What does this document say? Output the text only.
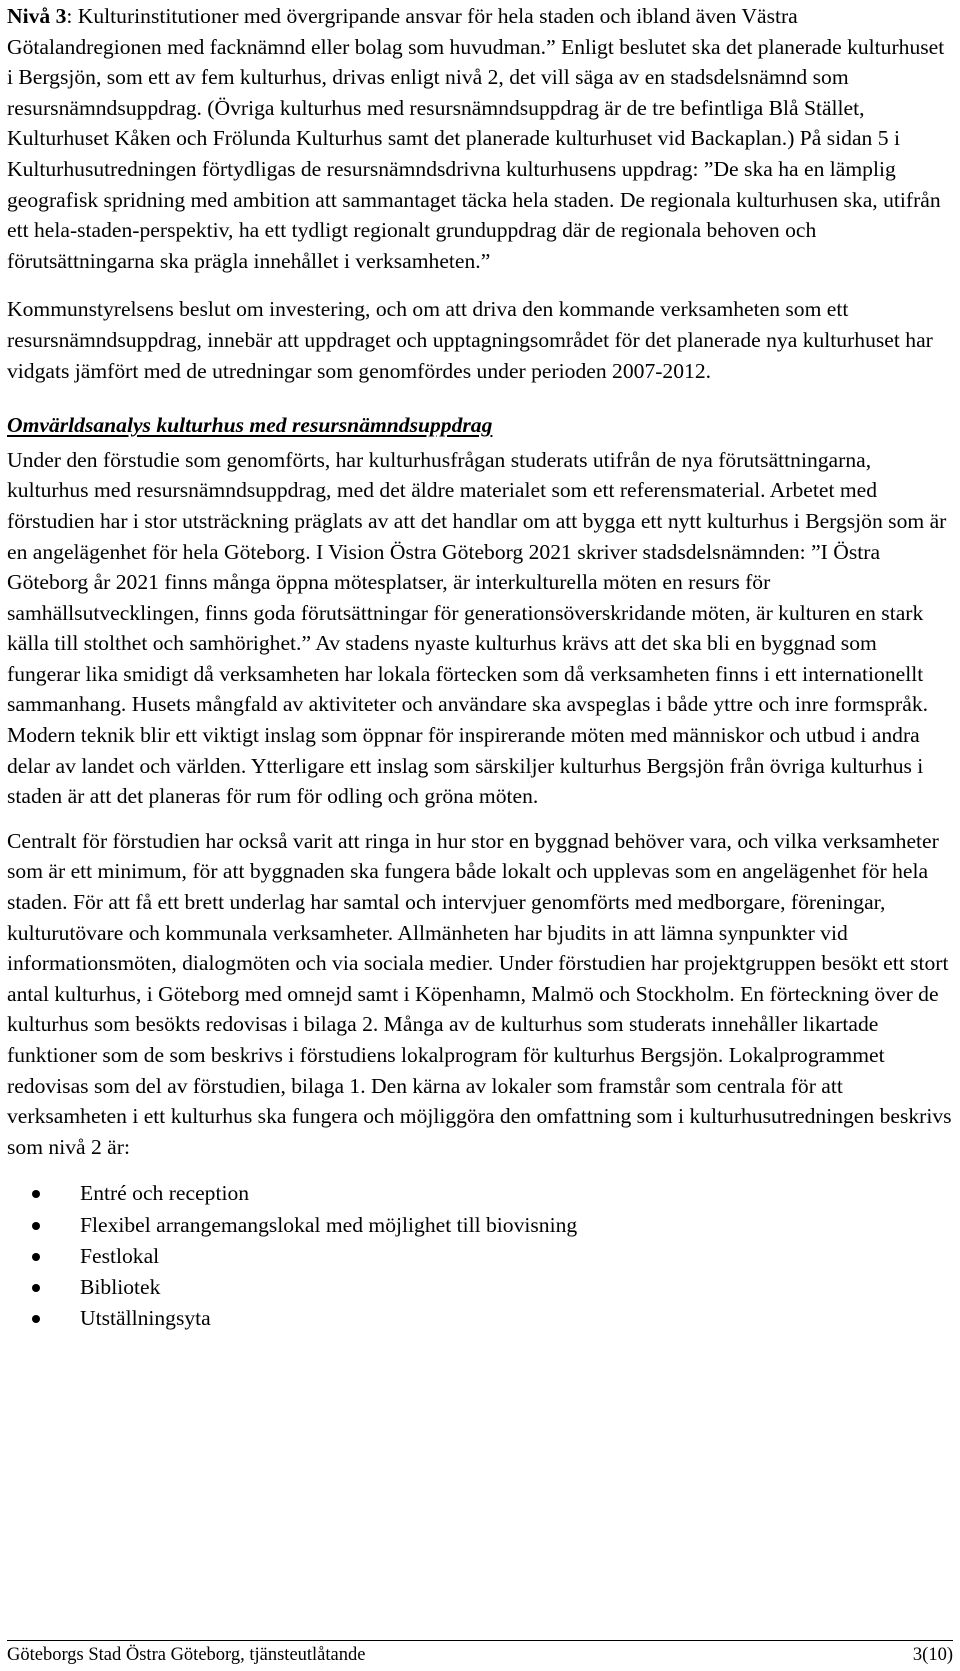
Nivå 3: Kulturinstitutioner med övergripande ansvar för hela staden och ibland även Västra Götalandregionen med facknämnd eller bolag som huvudman.” Enligt beslutet ska det planerade kulturhuset i Bergsjön, som ett av fem kulturhus, drivas enligt nivå 2, det vill säga av en stadsdelsnämnd som resursnämndsuppdrag. (Övriga kulturhus med resursnämndsuppdrag är de tre befintliga Blå Stället, Kulturhuset Kåken och Frölunda Kulturhus samt det planerade kulturhuset vid Backaplan.) På sidan 5 i Kulturhusutredningen förtydligas de resursnämndsdrivna kulturhusens uppdrag: ”De ska ha en lämplig geografisk spridning med ambition att sammantaget täcka hela staden. De regionala kulturhusen ska, utifrån ett hela-staden-perspektiv, ha ett tydligt regionalt grunduppdrag där de regionala behoven och förutsättningarna ska prägla innehållet i verksamheten.”

Kommunstyrelsens beslut om investering, och om att driva den kommande verksamheten som ett resursnämndsuppdrag, innebär att uppdraget och upptagningsområdet för det planerade nya kulturhuset har vidgats jämfört med de utredningar som genomfördes under perioden 2007-2012.

Omvärldsanalys kulturhus med resursnämndsuppdrag

Under den förstudie som genomförts, har kulturhusfrågan studerats utifrån de nya förutsättningarna, kulturhus med resursnämndsuppdrag, med det äldre materialet som ett referensmaterial. Arbetet med förstudien har i stor utsträckning präglats av att det handlar om att bygga ett nytt kulturhus i Bergsjön som är en angelägenhet för hela Göteborg. I Vision Östra Göteborg 2021 skriver stadsdelsnämnden: ”I Östra Göteborg år 2021 finns många öppna mötesplatser, är interkulturella möten en resurs för samhällsutvecklingen, finns goda förutsättningar för generationsöverskridande möten, är kulturen en stark källa till stolthet och samhörighet.” Av stadens nyaste kulturhus krävs att det ska bli en byggnad som fungerar lika smidigt då verksamheten har lokala förtecken som då verksamheten finns i ett internationellt sammanhang. Husets mångfald av aktiviteter och användare ska avspeglas i både yttre och inre formspråk. Modern teknik blir ett viktigt inslag som öppnar för inspirerande möten med människor och utbud i andra delar av landet och världen. Ytterligare ett inslag som särskiljer kulturhus Bergsjön från övriga kulturhus i staden är att det planeras för rum för odling och gröna möten.

Centralt för förstudien har också varit att ringa in hur stor en byggnad behöver vara, och vilka verksamheter som är ett minimum, för att byggnaden ska fungera både lokalt och upplevas som en angelägenhet för hela staden. För att få ett brett underlag har samtal och intervjuer genomförts med medborgare, föreningar, kulturutövare och kommunala verksamheter. Allmänheten har bjudits in att lämna synpunkter vid informationsmöten, dialogmöten och via sociala medier. Under förstudien har projektgruppen besökt ett stort antal kulturhus, i Göteborg med omnejd samt i Köpenhamn, Malmö och Stockholm. En förteckning över de kulturhus som besökts redovisas i bilaga 2. Många av de kulturhus som studerats innehåller likartade funktioner som de som beskrivs i förstudiens lokalprogram för kulturhus Bergsjön. Lokalprogrammet redovisas som del av förstudien, bilaga 1. Den kärna av lokaler som framstår som centrala för att verksamheten i ett kulturhus ska fungera och möjliggöra den omfattning som i kulturhusutredningen beskrivs som nivå 2 är:

Entré och reception
Flexibel arrangemangslokal med möjlighet till biovisning
Festlokal
Bibliotek
Utställningsyta
Göteborgs Stad Östra Göteborg, tjänsteutlåtande	3(10)
